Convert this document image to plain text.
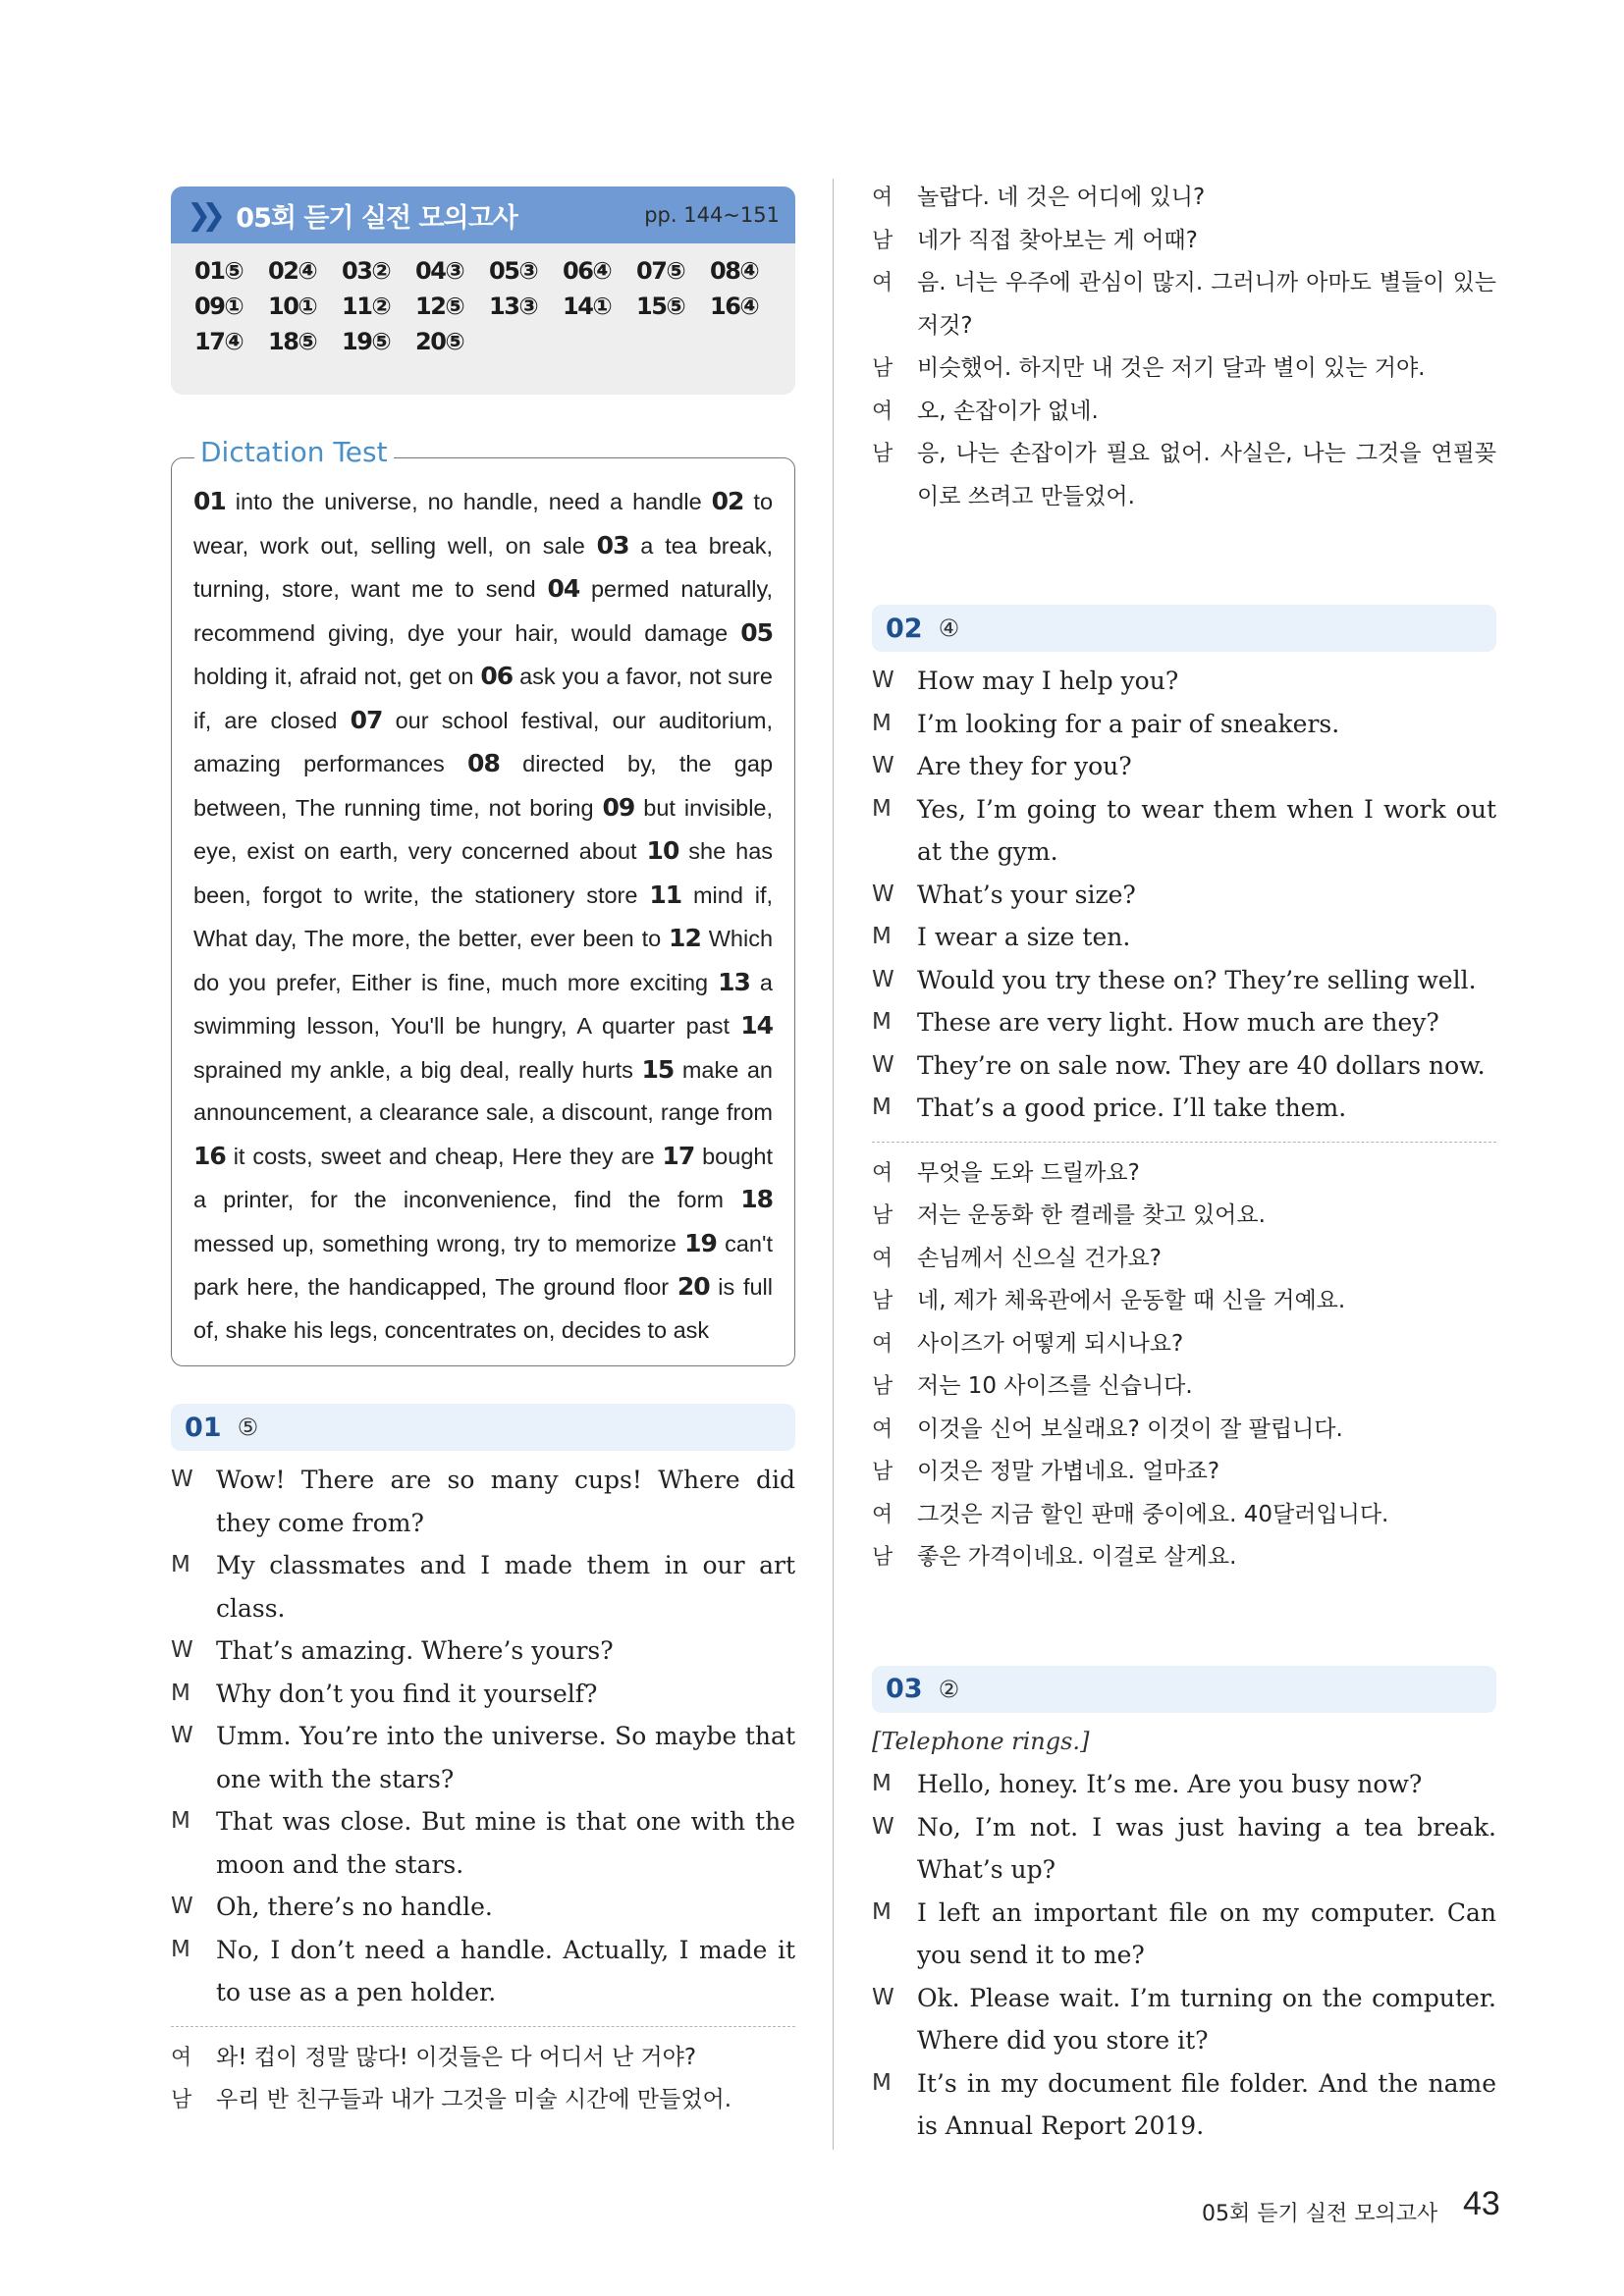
❯❯ 05회 듣기 실전 모의고사	pp. 144~151
01⑤	02④	03②	04③	05③	06④	07⑤	08④
09①	10①	11②	12⑤	13③	14①	15⑤	16④
17④	18⑤	19⑤	20⑤
Dictation Test
01 into the universe, no handle, need a handle 02 to wear, work out, selling well, on sale 03 a tea break, turning, store, want me to send 04 permed naturally, recommend giving, dye your hair, would damage 05 holding it, afraid not, get on 06 ask you a favor, not sure if, are closed 07 our school festival, our auditorium, amazing performances 08 directed by, the gap between, The running time, not boring 09 but invisible, eye, exist on earth, very concerned about 10 she has been, forgot to write, the stationery store 11 mind if, What day, The more, the better, ever been to 12 Which do you prefer, Either is fine, much more exciting 13 a swimming lesson, You'll be hungry, A quarter past 14 sprained my ankle, a big deal, really hurts 15 make an announcement, a clearance sale, a discount, range from 16 it costs, sweet and cheap, Here they are 17 bought a printer, for the inconvenience, find the form 18 messed up, something wrong, try to memorize 19 can't park here, the handicapped, The ground floor 20 is full of, shake his legs, concentrates on, decides to ask
01 ⑤
W Wow! There are so many cups! Where did they come from?
M	My classmates and I made them in our art class.
W That’s amazing. Where’s yours?
M	Why don’t you find it yourself?
W Umm. You’re into the universe. So maybe that one with the stars?
M	That was close. But mine is that one with the moon and the stars.
W Oh, there’s no handle.
M	No, I don’t need a handle. Actually, I made it to use as a pen holder.
여	와! 컵이 정말 많다! 이것들은 다 어디서 난 거야?
남	우리 반 친구들과 내가 그것을 미술 시간에 만들었어.
여	놀랍다. 네 것은 어디에 있니?
남	네가 직접 찾아보는 게 어때?
여	음. 너는 우주에 관심이 많지. 그러니까 아마도 별들이 있는 저것?
남	비슷했어. 하지만 내 것은 저기 달과 별이 있는 거야.
여	오, 손잡이가 없네.
남	응, 나는 손잡이가 필요 없어. 사실은, 나는 그것을 연필꽂이로 쓰려고 만들었어.
02 ④
W How may I help you?
M	I’m looking for a pair of sneakers.
W Are they for you?
M	Yes, I’m going to wear them when I work out at the gym.
W What’s your size?
M	I wear a size ten.
W Would you try these on? They’re selling well.
M	These are very light. How much are they?
W They’re on sale now. They are 40 dollars now.
M	That’s a good price. I’ll take them.
여	무엇을 도와 드릴까요?
남	저는 운동화 한 켤레를 찾고 있어요.
여	손님께서 신으실 건가요?
남	네, 제가 체육관에서 운동할 때 신을 거예요.
여	사이즈가 어떻게 되시나요?
남	저는 10 사이즈를 신습니다.
여	이것을 신어 보실래요? 이것이 잘 팔립니다.
남	이것은 정말 가볍네요. 얼마죠?
여	그것은 지금 할인 판매 중이에요. 40달러입니다.
남	좋은 가격이네요. 이걸로 살게요.
03 ②
[Telephone rings.]
M	Hello, honey. It’s me. Are you busy now?
W No, I’m not. I was just having a tea break. What’s up?
M	I left an important file on my computer. Can you send it to me?
W Ok. Please wait. I’m turning on the computer. Where did you store it?
M	It’s in my document file folder. And the name is Annual Report 2019.
05회 듣기 실전 모의고사 43
